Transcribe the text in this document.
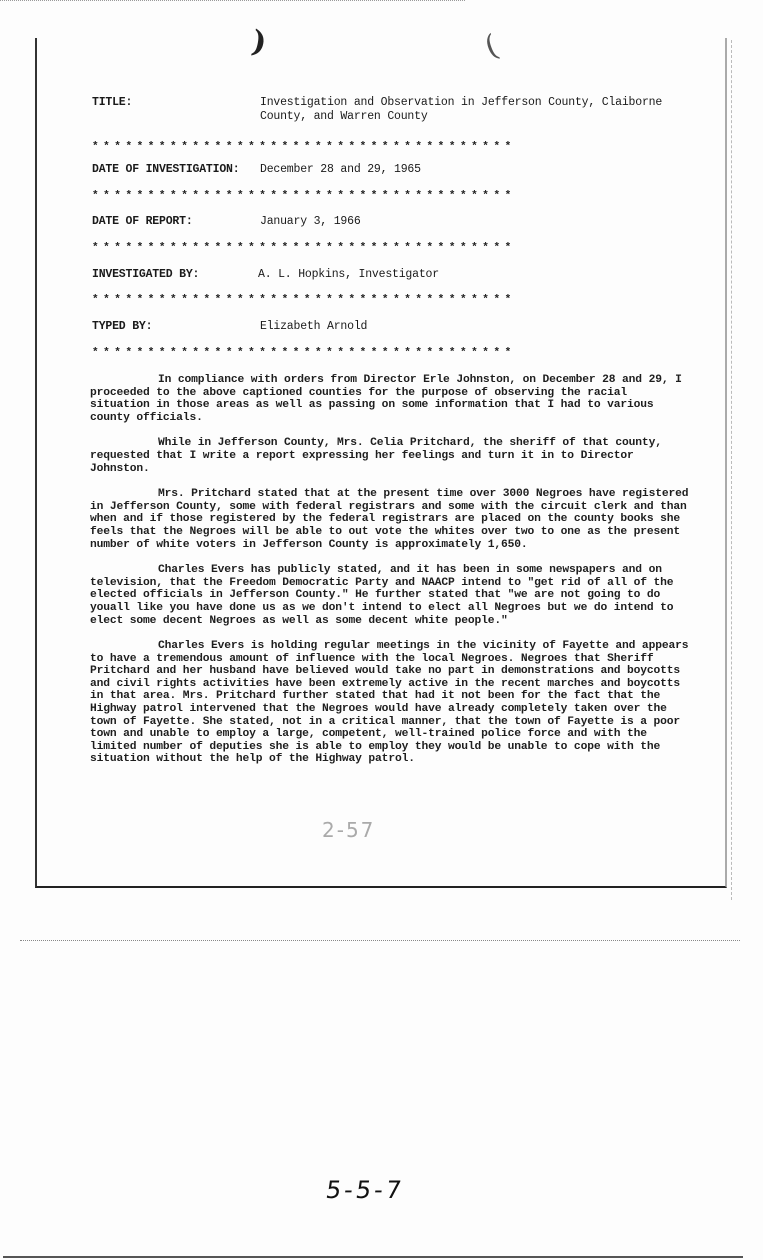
)	(
TITLE:	Investigation and Observation in Jefferson County, Claiborne
County, and Warren County
**************************************
DATE OF INVESTIGATION: December 28 and 29, 1965
**************************************
DATE OF REPORT:	January 3, 1966
**************************************
INVESTIGATED BY:	A. L. Hopkins, Investigator
**************************************
TYPED BY:	Elizabeth Arnold
**************************************

In compliance with orders from Director Erle Johnston, on December 28 and 29, I proceeded to the above captioned counties for the purpose of observing the racial situation in those areas as well as passing on some information that I had to various county officials.

While in Jefferson County, Mrs. Celia Pritchard, the sheriff of that county, requested that I write a report expressing her feelings and turn it in to Director Johnston.

Mrs. Pritchard stated that at the present time over 3000 Negroes have registered in Jefferson County, some with federal registrars and some with the circuit clerk and than when and if those registered by the federal registrars are placed on the county books she feels that the Negroes will be able to out vote the whites over two to one as the present number of white voters in Jefferson County is approximately 1,650.

Charles Evers has publicly stated, and it has been in some newspapers and on television, that the Freedom Democratic Party and NAACP intend to "get rid of all of the elected officials in Jefferson County." He further stated that "we are not going to do youall like you have done us as we don't intend to elect all Negroes but we do intend to elect some decent Negroes as well as some decent white people."

Charles Evers is holding regular meetings in the vicinity of Fayette and appears to have a tremendous amount of influence with the local Negroes. Negroes that Sheriff Pritchard and her husband have believed would take no part in demonstrations and boycotts and civil rights activities have been extremely active in the recent marches and boycotts in that area. Mrs. Pritchard further stated that had it not been for the fact that the Highway patrol intervened that the Negroes would have already completely taken over the town of Fayette. She stated, not in a critical manner, that the town of Fayette is a poor town and unable to employ a large, competent, well-trained police force and with the limited number of deputies she is able to employ they would be unable to cope with the situation without the help of the Highway patrol.

2-57
5-5-7
